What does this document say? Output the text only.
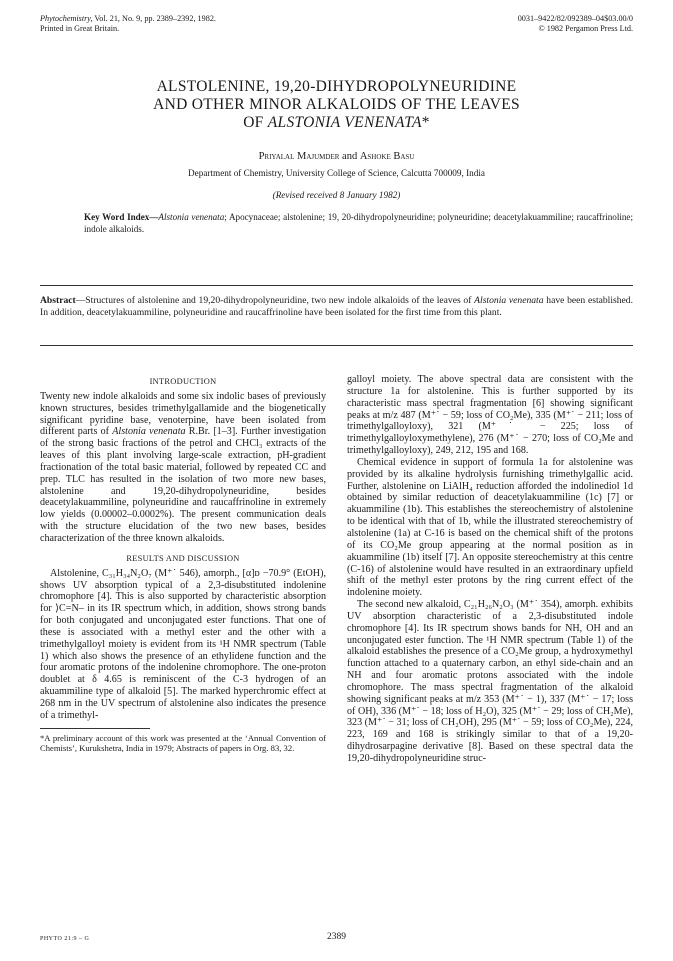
Phytochemistry, Vol. 21, No. 9, pp. 2389–2392, 1982.
Printed in Great Britain.
0031–9422/82/092389–04$03.00/0
© 1982 Pergamon Press Ltd.
ALSTOLENINE, 19,20-DIHYDROPOLYNEURIDINE
AND OTHER MINOR ALKALOIDS OF THE LEAVES
OF ALSTONIA VENENATA*
Priyalal Majumder and Ashoke Basu
Department of Chemistry, University College of Science, Calcutta 700009, India
(Revised received 8 January 1982)
Key Word Index—Alstonia venenata; Apocynaceae; alstolenine; 19, 20-dihydropolyneuridine; polyneuridine; deacetylakuammiline; raucaffrinoline; indole alkaloids.
Abstract—Structures of alstolenine and 19,20-dihydropolyneuridine, two new indole alkaloids of the leaves of Alstonia venenata have been established. In addition, deacetylakuammiline, polyneuridine and raucaffrinoline have been isolated for the first time from this plant.
INTRODUCTION

Twenty new indole alkaloids and some six indolic bases of previously known structures, besides trimethylgallamide and the biogenetically significant pyridine base, venoterpine, have been isolated from different parts of Alstonia venenata R.Br. [1–3]. Further investigation of the strong basic fractions of the petrol and CHCl₃ extracts of the leaves of this plant involving large-scale extraction, pH-gradient fractionation of the total basic material, followed by repeated CC and prep. TLC has resulted in the isolation of two more new bases, alstolenine and 19,20-dihydropolyneuridine, besides deacetylakuammiline, polyneuridine and raucaffrinoline in extremely low yields (0.00002–0.0002%). The present communication deals with the structure elucidation of the two new bases, besides characterization of the three known alkaloids.

RESULTS AND DISCUSSION

Alstolenine, C₃₁H₃₄N₂O₇ (M⁺˙ 546), amorph., [α]ᴅ −70.9° (EtOH), shows UV absorption typical of a 2,3-disubstituted indolenine chromophore [4]. This is also supported by characteristic absorption for ⟩C=N– in its IR spectrum which, in addition, shows strong bands for both conjugated and unconjugated ester functions. That one of these is associated with a methyl ester and the other with a trimethylgalloyl moiety is evident from its ¹H NMR spectrum (Table 1) which also shows the presence of an ethylidene function and the four aromatic protons of the indolenine chromophore. The one-proton doublet at δ 4.65 is reminiscent of the C-3 hydrogen of an akuammiline type of alkaloid [5]. The marked hyperchromic effect at 268 nm in the UV spectrum of alstolenine also indicates the presence of a trimethyl-

*A preliminary account of this work was presented at the ‘Annual Convention of Chemists’, Kurukshetra, India in 1979; Abstracts of papers in Org. 83, 32.

galloyl moiety. The above spectral data are consistent with the structure 1a for alstolenine. This is further supported by its characteristic mass spectral fragmentation [6] showing significant peaks at m/z 487 (M⁺˙ − 59; loss of CO₂Me), 335 (M⁺˙ − 211; loss of trimethylgalloyloxy), 321 (M⁺˙ − 225; loss of trimethylgalloyloxymethylene), 276 (M⁺˙ − 270; loss of CO₂Me and trimethylgalloyloxy), 249, 212, 195 and 168.

Chemical evidence in support of formula 1a for alstolenine was provided by its alkaline hydrolysis furnishing trimethylgallic acid. Further, alstolenine on LiAlH₄ reduction afforded the indolinediol 1d obtained by similar reduction of deacetylakuammiline (1c) [7] or akuammiline (1b). This establishes the stereochemistry of alstolenine to be identical with that of 1b, while the illustrated stereochemistry of alstolenine (1a) at C-16 is based on the chemical shift of the protons of its CO₂Me group appearing at the normal position as in akuammiline (1b) itself [7]. An opposite stereochemistry at this centre (C-16) of alstolenine would have resulted in an extraordinary upfield shift of the methyl ester protons by the ring current effect of the indolenine moiety.

The second new alkaloid, C₂₁H₂₆N₂O₃ (M⁺˙ 354), amorph. exhibits UV absorption characteristic of a 2,3-disubstituted indole chromophore [4]. Its IR spectrum shows bands for NH, OH and an unconjugated ester function. The ¹H NMR spectrum (Table 1) of the alkaloid establishes the presence of a CO₂Me group, a hydroxymethyl function attached to a quaternary carbon, an ethyl side-chain and an NH and four aromatic protons associated with the indole chromophore. The mass spectral fragmentation of the alkaloid showing significant peaks at m/z 353 (M⁺˙ − 1), 337 (M⁺˙ − 17; loss of OH), 336 (M⁺˙ − 18; loss of H₂O), 325 (M⁺˙ − 29; loss of CH₂Me), 323 (M⁺˙ − 31; loss of CH₂OH), 295 (M⁺˙ − 59; loss of CO₂Me), 224, 223, 169 and 168 is strikingly similar to that of a 19,20-dihydrosarpagine derivative [8]. Based on these spectral data the 19,20-dihydropolyneuridine struc-

PHYTO 21:9 – G	2389
